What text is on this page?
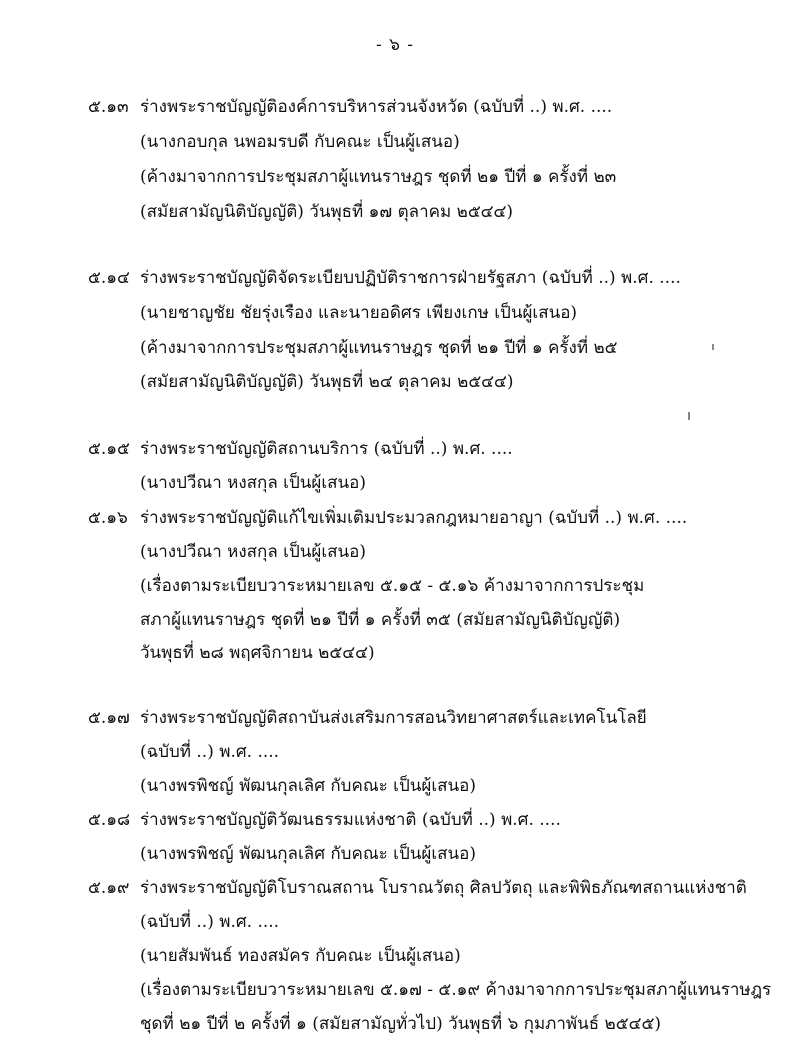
- ๖ -
๕.๑๓ ร่างพระราชบัญญัติองค์การบริหารส่วนจังหวัด (ฉบับที่ ..) พ.ศ. ....
(นางกอบกุล นพอมรบดี กับคณะ เป็นผู้เสนอ)
(ค้างมาจากการประชุมสภาผู้แทนราษฎร ชุดที่ ๒๑ ปีที่ ๑ ครั้งที่ ๒๓
(สมัยสามัญนิติบัญญัติ) วันพุธที่ ๑๗ ตุลาคม ๒๕๔๔)
๕.๑๔ ร่างพระราชบัญญัติจัดระเบียบปฏิบัติราชการฝ่ายรัฐสภา (ฉบับที่ ..) พ.ศ. ....
(นายชาญชัย ชัยรุ่งเรือง และนายอดิศร เพียงเกษ เป็นผู้เสนอ)
(ค้างมาจากการประชุมสภาผู้แทนราษฎร ชุดที่ ๒๑ ปีที่ ๑ ครั้งที่ ๒๕
(สมัยสามัญนิติบัญญัติ) วันพุธที่ ๒๔ ตุลาคม ๒๕๔๔)
๕.๑๕ ร่างพระราชบัญญัติสถานบริการ (ฉบับที่ ..) พ.ศ. ....
(นางปวีณา หงสกุล เป็นผู้เสนอ)
๕.๑๖ ร่างพระราชบัญญัติแก้ไขเพิ่มเติมประมวลกฎหมายอาญา (ฉบับที่ ..) พ.ศ. ....
(นางปวีณา หงสกุล เป็นผู้เสนอ)
(เรื่องตามระเบียบวาระหมายเลข ๕.๑๕ - ๕.๑๖ ค้างมาจากการประชุม
สภาผู้แทนราษฎร ชุดที่ ๒๑ ปีที่ ๑ ครั้งที่ ๓๕ (สมัยสามัญนิติบัญญัติ)
วันพุธที่ ๒๘ พฤศจิกายน ๒๕๔๔)
๕.๑๗ ร่างพระราชบัญญัติสถาบันส่งเสริมการสอนวิทยาศาสตร์และเทคโนโลยี
(ฉบับที่ ..) พ.ศ. ....
(นางพรพิชญ์ พัฒนกุลเลิศ กับคณะ เป็นผู้เสนอ)
๕.๑๘ ร่างพระราชบัญญัติวัฒนธรรมแห่งชาติ (ฉบับที่ ..) พ.ศ. ....
(นางพรพิชญ์ พัฒนกุลเลิศ กับคณะ เป็นผู้เสนอ)
๕.๑๙ ร่างพระราชบัญญัติโบราณสถาน โบราณวัตถุ ศิลปวัตถุ และพิพิธภัณฑสถานแห่งชาติ
(ฉบับที่ ..) พ.ศ. ....
(นายสัมพันธ์ ทองสมัคร กับคณะ เป็นผู้เสนอ)
(เรื่องตามระเบียบวาระหมายเลข ๕.๑๗ - ๕.๑๙ ค้างมาจากการประชุมสภาผู้แทนราษฎร
ชุดที่ ๒๑ ปีที่ ๒ ครั้งที่ ๑ (สมัยสามัญทั่วไป) วันพุธที่ ๖ กุมภาพันธ์ ๒๕๔๕)
